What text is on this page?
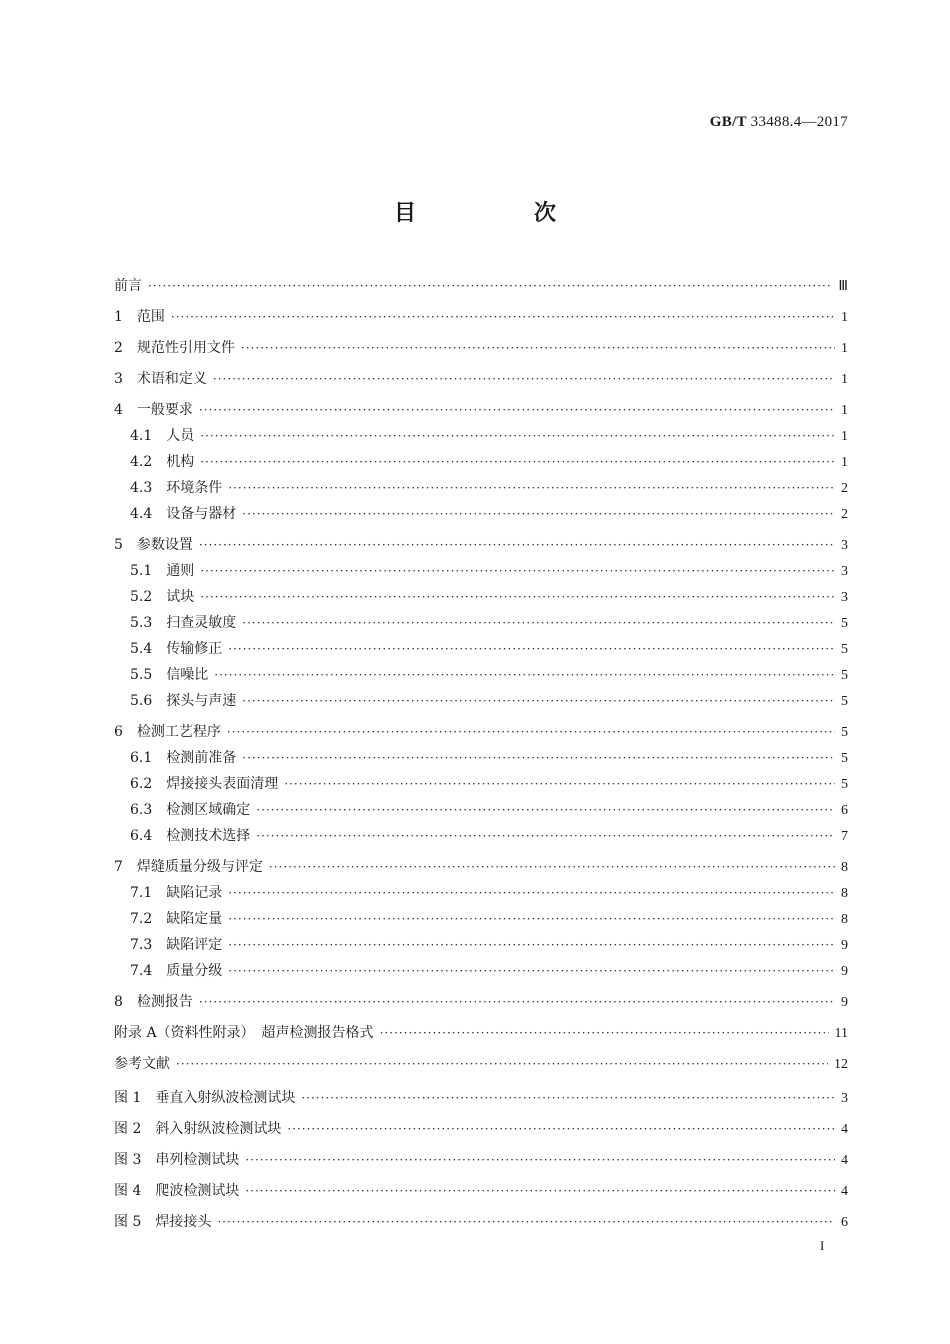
GB/T 33488.4—2017
目　次
前言 ·····	Ⅲ
1 范围 ·····	1
2 规范性引用文件 ·····	1
3 术语和定义 ·····	1
4 一般要求 ·····	1
4.1 人员 ·····	1
4.2 机构 ·····	1
4.3 环境条件 ·····	2
4.4 设备与器材 ·····	2
5 参数设置 ·····	3
5.1 通则 ·····	3
5.2 试块 ·····	3
5.3 扫查灵敏度 ·····	5
5.4 传输修正 ·····	5
5.5 信噪比 ·····	5
5.6 探头与声速 ·····	5
6 检测工艺程序 ·····	5
6.1 检测前准备 ·····	5
6.2 焊接接头表面清理 ·····	5
6.3 检测区域确定 ·····	6
6.4 检测技术选择 ·····	7
7 焊缝质量分级与评定 ·····	8
7.1 缺陷记录 ·····	8
7.2 缺陷定量 ·····	8
7.3 缺陷评定 ·····	9
7.4 质量分级 ·····	9
8 检测报告 ·····	9
附录 A（资料性附录）　超声检测报告格式 ·····	11
参考文献 ·····	12
图 1 垂直入射纵波检测试块 ·····	3
图 2 斜入射纵波检测试块 ·····	4
图 3 串列检测试块 ·····	4
图 4 爬波检测试块 ·····	4
图 5 焊接接头 ·····	6
I
